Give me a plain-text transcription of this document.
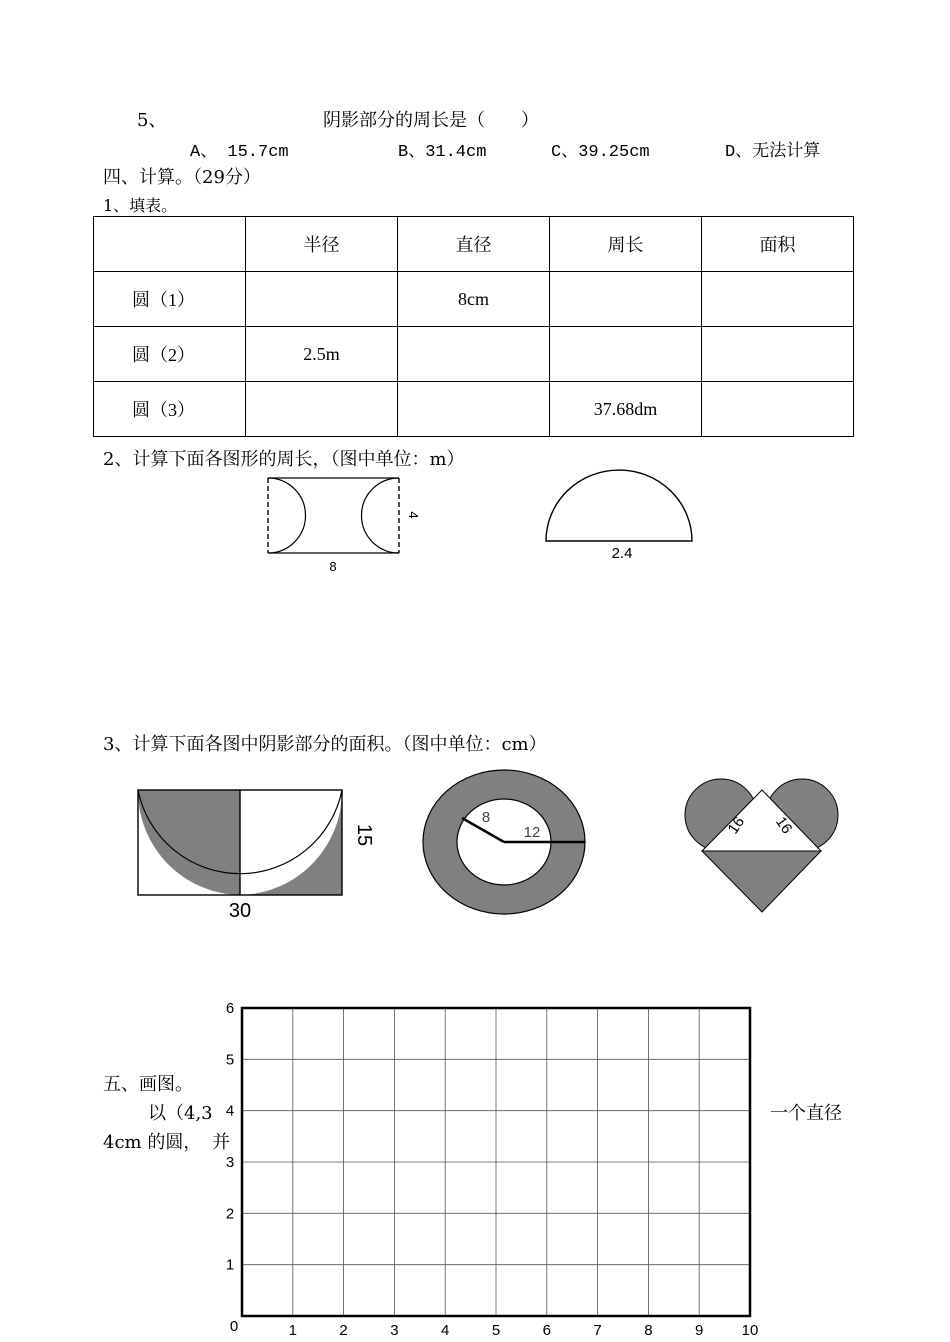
5、	阴影部分的周长是（　　）
A、 15.7cm	B、31.4cm	C、39.25cm	D、无法计算
四、计算。（29分）
1、填表。
	半径	直径	周长	面积
圆（1）		8cm		
圆（2）	2.5m			
圆（3）			37.68dm	
2、计算下面各图形的周长，（图中单位：m）
8
4
2.4
3、计算下面各图中阴影部分的面积。（图中单位：cm）
30
15
8
12	16 16
五、画图。
以（4,3	一个直径
4cm 的圆， 并
0	1	2	3	4	5	6	7	8	9	10
1
2
3
4
5
6
